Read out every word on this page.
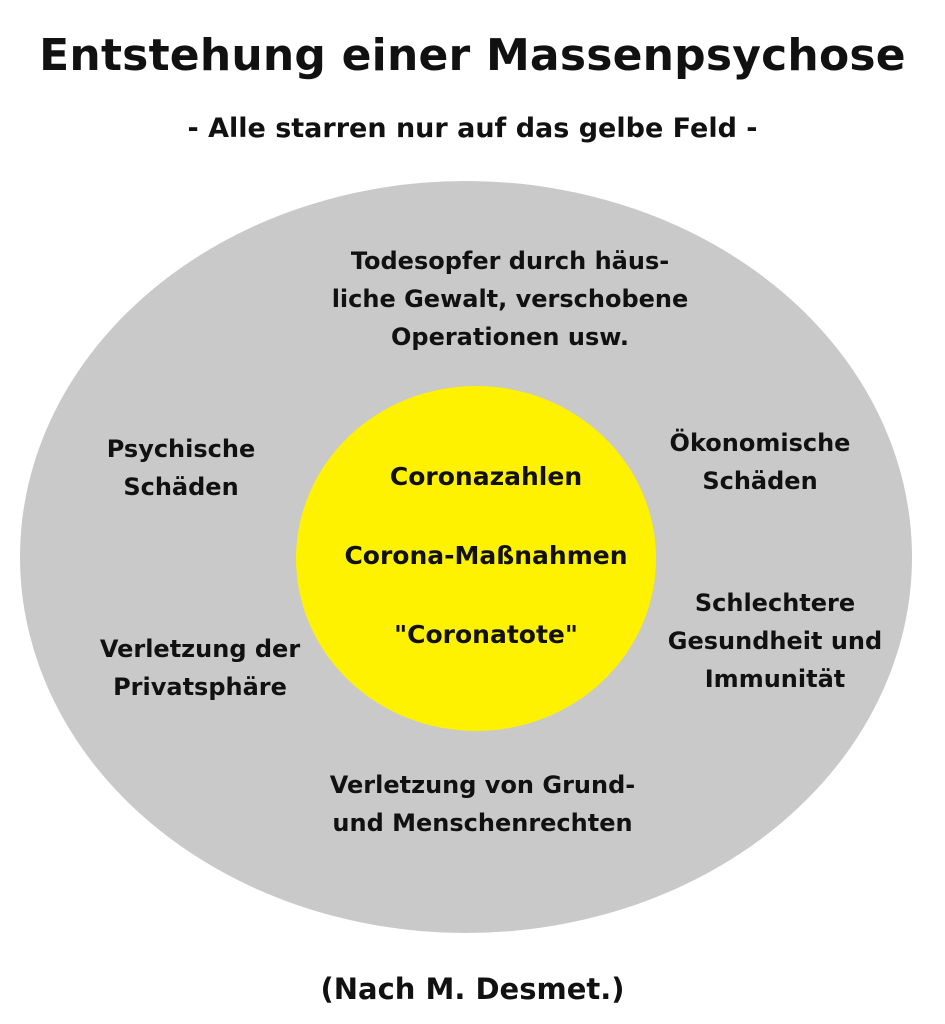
Entstehung einer Massenpsychose
- Alle starren nur auf das gelbe Feld -
Todesopfer durch häus-
liche Gewalt, verschobene
Operationen usw.
Psychische
Schäden
Ökonomische
Schäden
Verletzung der
Privatsphäre
Schlechtere
Gesundheit und
Immunität
Verletzung von Grund-
und Menschenrechten
Coronazahlen
Corona-Maßnahmen
"Coronatote"
(Nach M. Desmet.)
